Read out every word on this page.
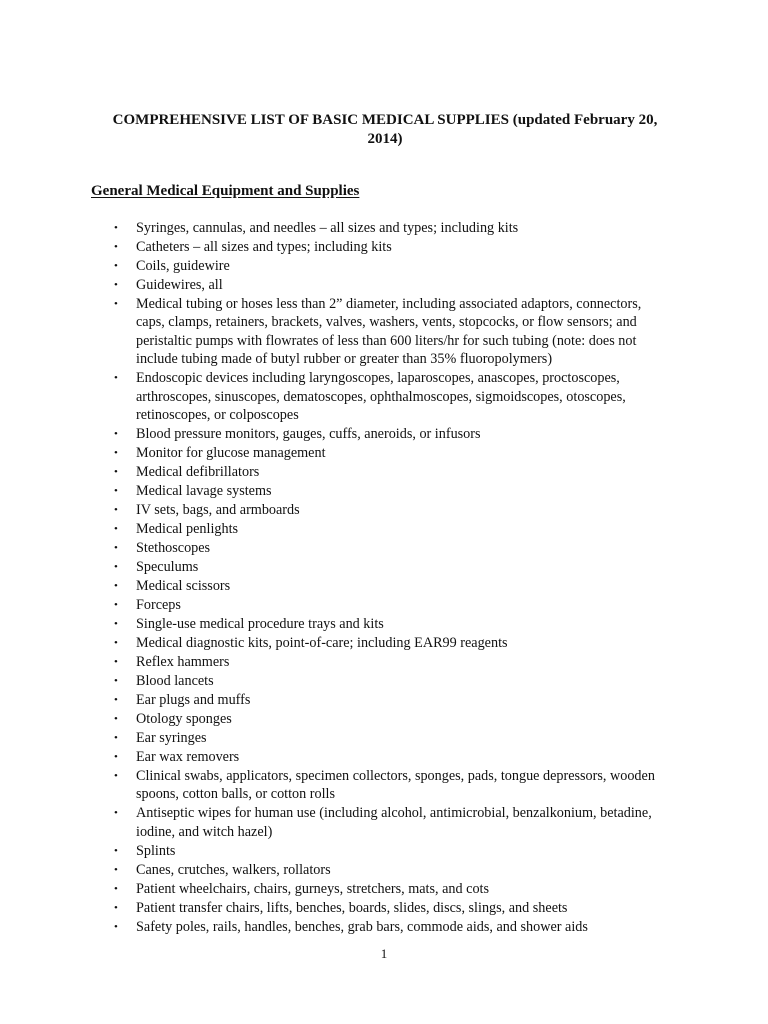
COMPREHENSIVE LIST OF BASIC MEDICAL SUPPLIES (updated February 20, 2014)
General Medical Equipment and Supplies
• Syringes, cannulas, and needles – all sizes and types; including kits
• Catheters – all sizes and types; including kits
• Coils, guidewire
• Guidewires, all
• Medical tubing or hoses less than 2” diameter, including associated adaptors, connectors, caps, clamps, retainers, brackets, valves, washers, vents, stopcocks, or flow sensors; and peristaltic pumps with flowrates of less than 600 liters/hr for such tubing (note: does not include tubing made of butyl rubber or greater than 35% fluoropolymers)
• Endoscopic devices including laryngoscopes, laparoscopes, anascopes, proctoscopes, arthroscopes, sinuscopes, dematoscopes, ophthalmoscopes, sigmoidscopes, otoscopes, retinoscopes, or colposcopes
• Blood pressure monitors, gauges, cuffs, aneroids, or infusors
• Monitor for glucose management
• Medical defibrillators
• Medical lavage systems
• IV sets, bags, and armboards
• Medical penlights
• Stethoscopes
• Speculums
• Medical scissors
• Forceps
• Single-use medical procedure trays and kits
• Medical diagnostic kits, point-of-care; including EAR99 reagents
• Reflex hammers
• Blood lancets
• Ear plugs and muffs
• Otology sponges
• Ear syringes
• Ear wax removers
• Clinical swabs, applicators, specimen collectors, sponges, pads, tongue depressors, wooden spoons, cotton balls, or cotton rolls
• Antiseptic wipes for human use (including alcohol, antimicrobial, benzalkonium, betadine, iodine, and witch hazel)
• Splints
• Canes, crutches, walkers, rollators
• Patient wheelchairs, chairs, gurneys, stretchers, mats, and cots
• Patient transfer chairs, lifts, benches, boards, slides, discs, slings, and sheets
• Safety poles, rails, handles, benches, grab bars, commode aids, and shower aids
1
